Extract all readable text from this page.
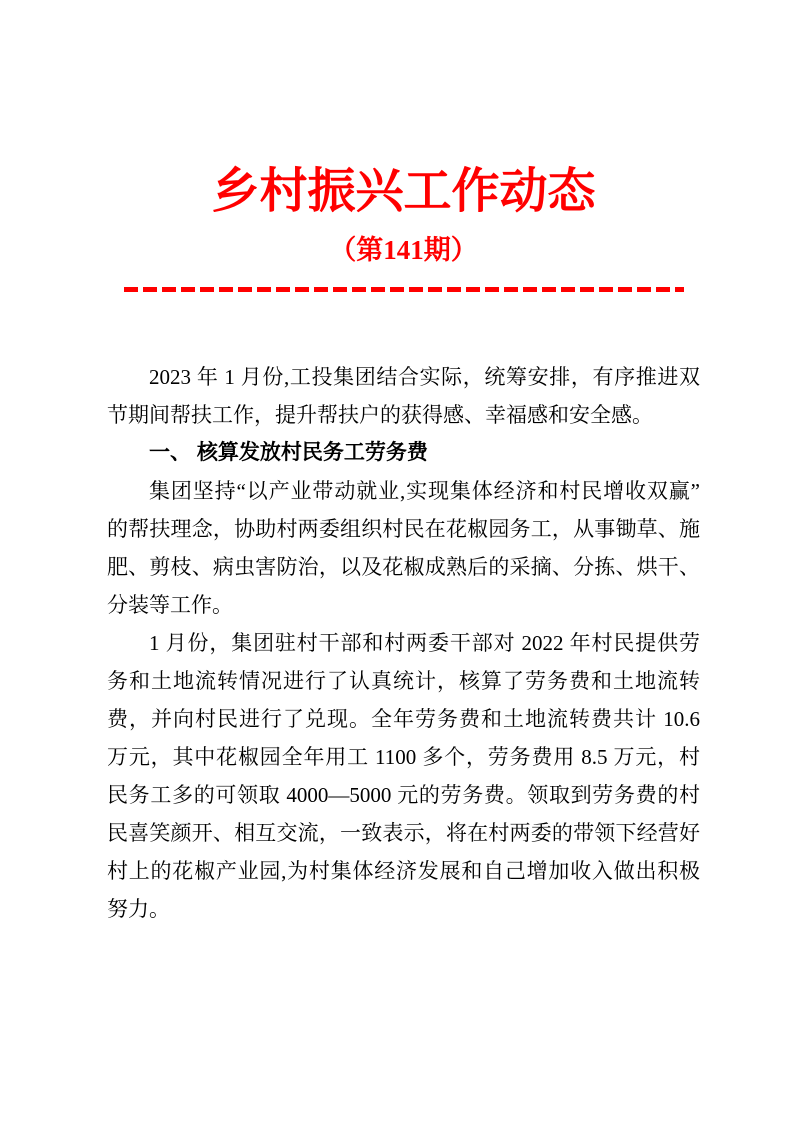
乡村振兴工作动态
（第141期）
2023 年 1 月份,工投集团结合实际，统筹安排，有序推进双
节期间帮扶工作，提升帮扶户的获得感、幸福感和安全感。
一、 核算发放村民务工劳务费
集团坚持“以产业带动就业,实现集体经济和村民增收双赢”
的帮扶理念，协助村两委组织村民在花椒园务工，从事锄草、施
肥、剪枝、病虫害防治，以及花椒成熟后的采摘、分拣、烘干、
分装等工作。
1 月份，集团驻村干部和村两委干部对 2022 年村民提供劳
务和土地流转情况进行了认真统计，核算了劳务费和土地流转
费，并向村民进行了兑现。全年劳务费和土地流转费共计 10.6
万元，其中花椒园全年用工 1100 多个，劳务费用 8.5 万元，村
民务工多的可领取 4000—5000 元的劳务费。领取到劳务费的村
民喜笑颜开、相互交流，一致表示，将在村两委的带领下经营好
村上的花椒产业园,为村集体经济发展和自己增加收入做出积极
努力。
